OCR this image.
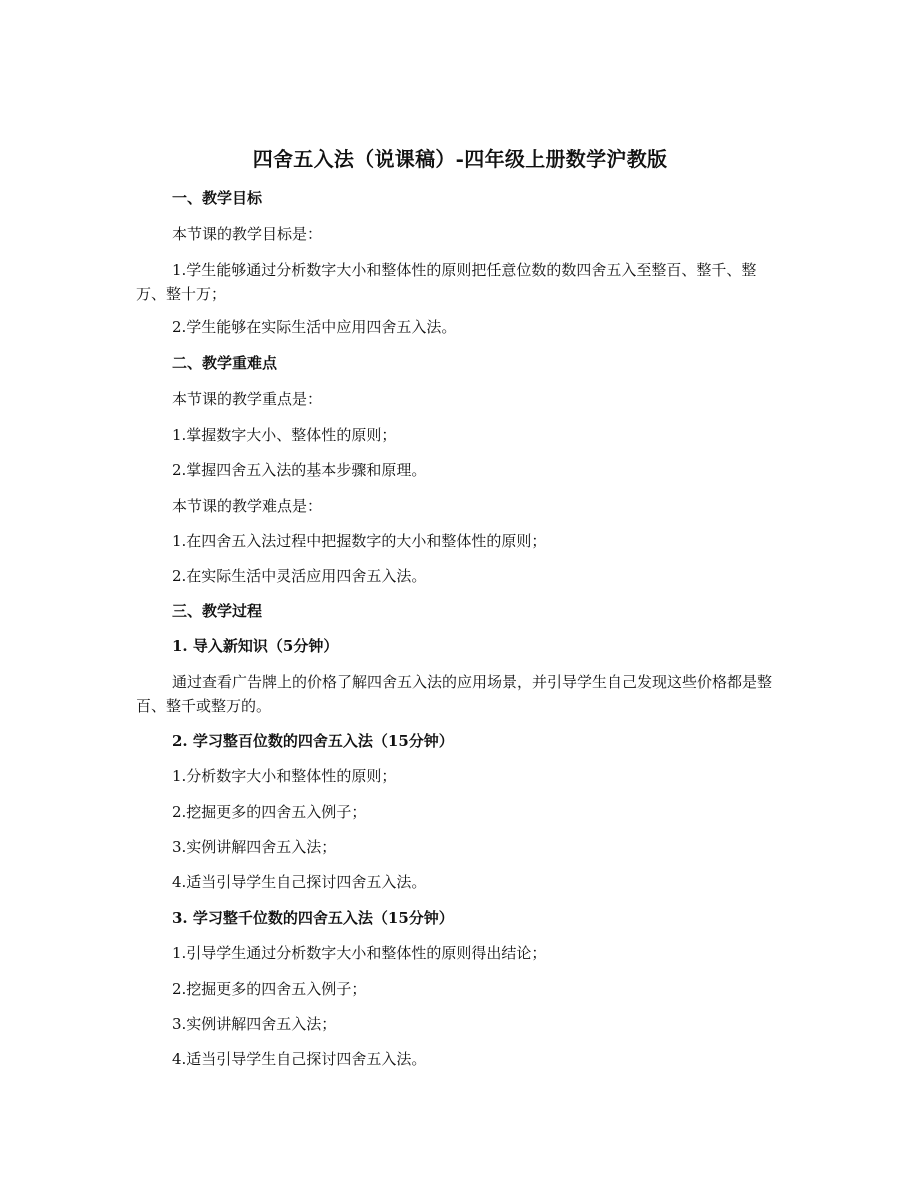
四舍五入法（说课稿）-四年级上册数学沪教版
一、教学目标
本节课的教学目标是：
1.学生能够通过分析数字大小和整体性的原则把任意位数的数四舍五入至整百、整千、整万、整十万；
2.学生能够在实际生活中应用四舍五入法。
二、教学重难点
本节课的教学重点是：
1.掌握数字大小、整体性的原则；
2.掌握四舍五入法的基本步骤和原理。
本节课的教学难点是：
1.在四舍五入法过程中把握数字的大小和整体性的原则；
2.在实际生活中灵活应用四舍五入法。
三、教学过程
1. 导入新知识（5分钟）
通过查看广告牌上的价格了解四舍五入法的应用场景，并引导学生自己发现这些价格都是整百、整千或整万的。
2. 学习整百位数的四舍五入法（15分钟）
1.分析数字大小和整体性的原则；
2.挖掘更多的四舍五入例子；
3.实例讲解四舍五入法；
4.适当引导学生自己探讨四舍五入法。
3. 学习整千位数的四舍五入法（15分钟）
1.引导学生通过分析数字大小和整体性的原则得出结论；
2.挖掘更多的四舍五入例子；
3.实例讲解四舍五入法；
4.适当引导学生自己探讨四舍五入法。
